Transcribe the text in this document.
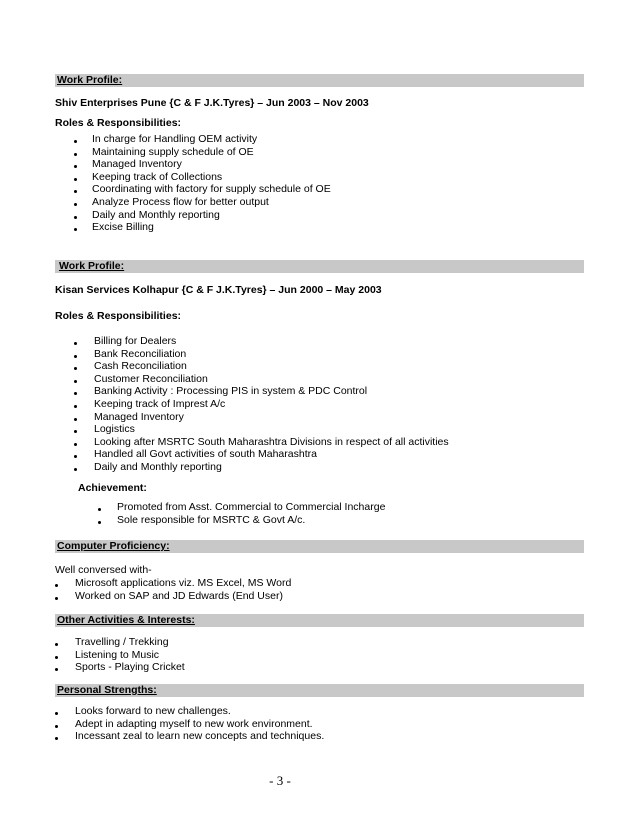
Work Profile:
Shiv Enterprises Pune {C & F J.K.Tyres} – Jun 2003 – Nov 2003
Roles & Responsibilities:
In charge for Handling OEM activity
Maintaining supply schedule of OE
Managed Inventory
Keeping track of Collections
Coordinating with factory for supply schedule of OE
Analyze Process flow for better output
Daily and Monthly reporting
Excise Billing
Work Profile:
Kisan Services Kolhapur {C & F J.K.Tyres} – Jun 2000 – May 2003
Roles & Responsibilities:
Billing for Dealers
Bank Reconciliation
Cash Reconciliation
Customer Reconciliation
Banking Activity : Processing PIS in system & PDC Control
Keeping track of Imprest A/c
Managed Inventory
Logistics
Looking after MSRTC South Maharashtra Divisions in respect of all activities
Handled all Govt activities of south Maharashtra
Daily and Monthly reporting
Achievement:
Promoted from Asst. Commercial to Commercial Incharge
Sole responsible for MSRTC & Govt A/c.
Computer Proficiency:
Well conversed with-
Microsoft applications viz. MS Excel, MS Word
Worked on SAP and JD Edwards (End User)
Other Activities & Interests:
Travelling / Trekking
Listening to Music
Sports - Playing Cricket
Personal Strengths:
Looks forward to new challenges.
Adept in adapting myself to new work environment.
Incessant zeal to learn new concepts and techniques.
- 3 -
